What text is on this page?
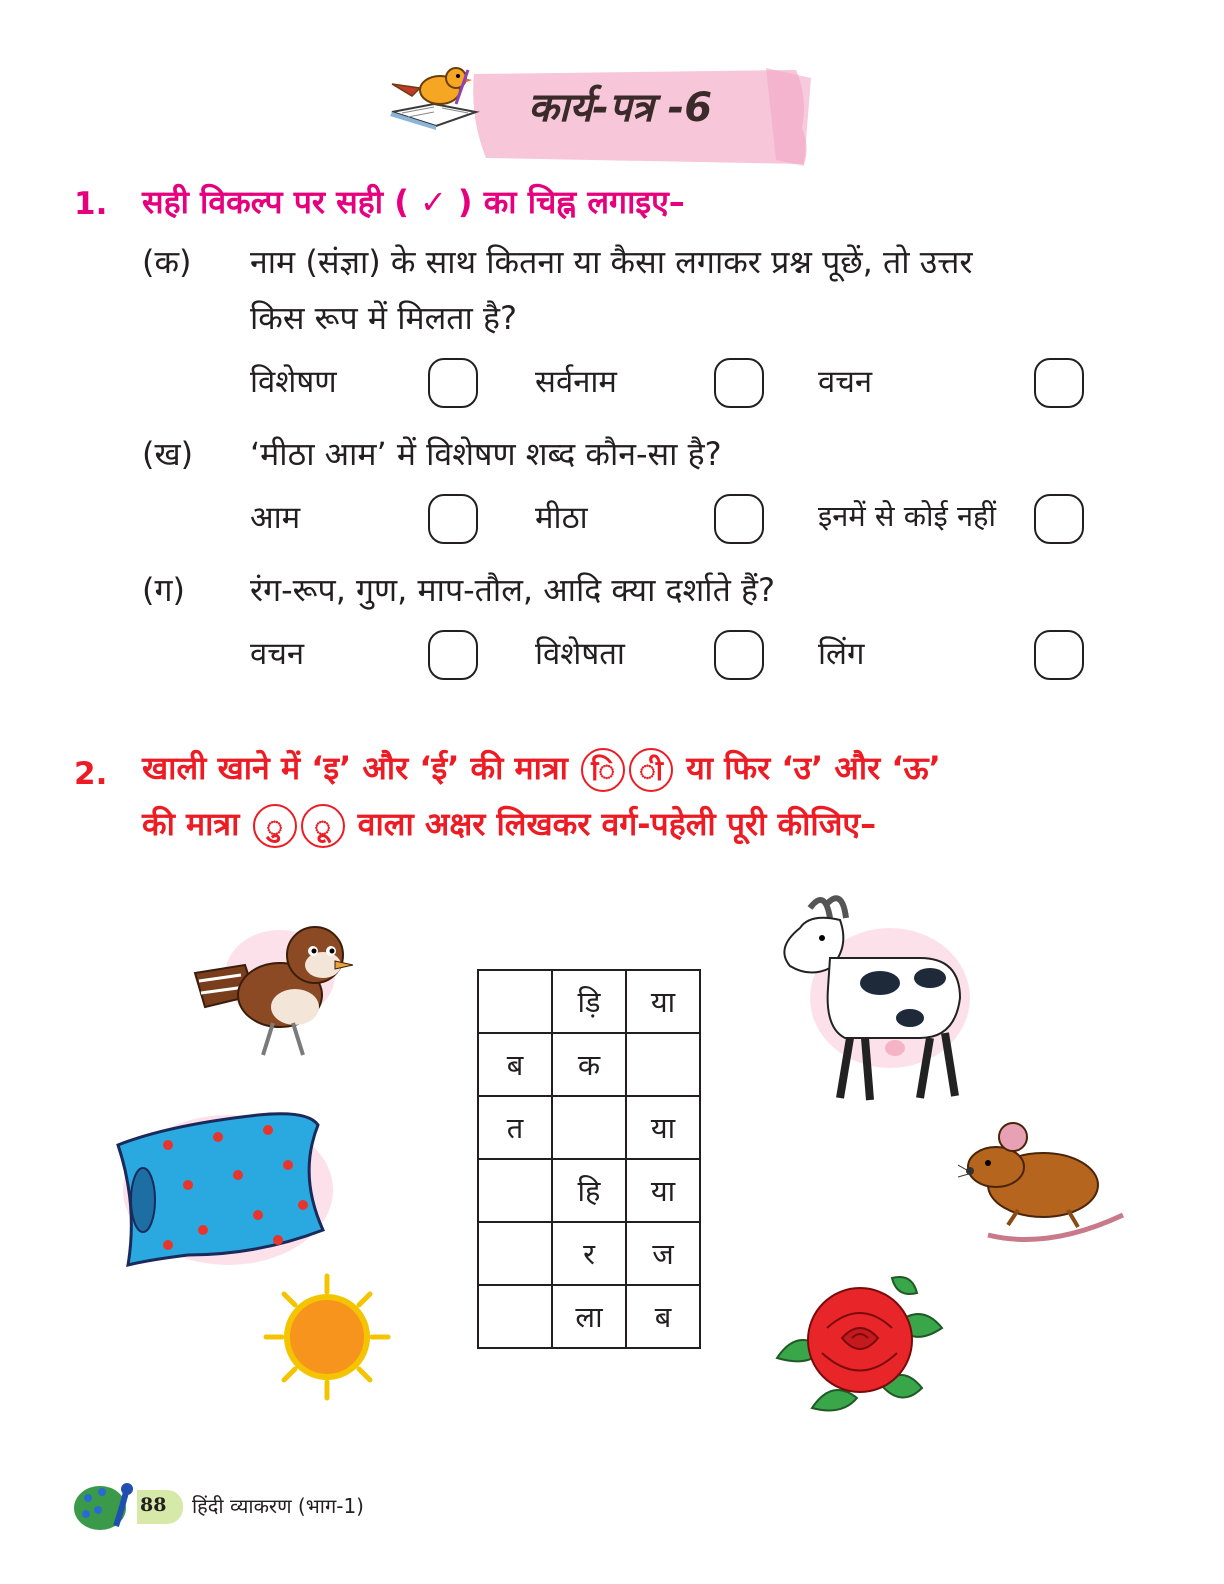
कार्य-पत्र -6
1. सही विकल्प पर सही ( ✓ ) का चिह्न लगाइए–
(क) नाम (संज्ञा) के साथ कितना या कैसा लगाकर प्रश्न पूछें, तो उत्तर
किस रूप में मिलता है?
विशेषण	सर्वनाम	वचन
(ख) ‘मीठा आम’ में विशेषण शब्द कौन-सा है?
आम	मीठा	इनमें से कोई नहीं
(ग) रंग-रूप, गुण, माप-तौल, आदि क्या दर्शाते हैं?
वचन	विशेषता	लिंग
2. खाली खाने में ‘इ’ और ‘ई’ की मात्रा ि ी या फिर ‘उ’ और ‘ऊ’
की मात्रा ु ू वाला अक्षर लिखकर वर्ग-पहेली पूरी कीजिए–
	ड़ि	या
ब	क	
त		या
	हि	या
	र	ज
	ला	ब
88 हिंदी व्याकरण (भाग-1)
